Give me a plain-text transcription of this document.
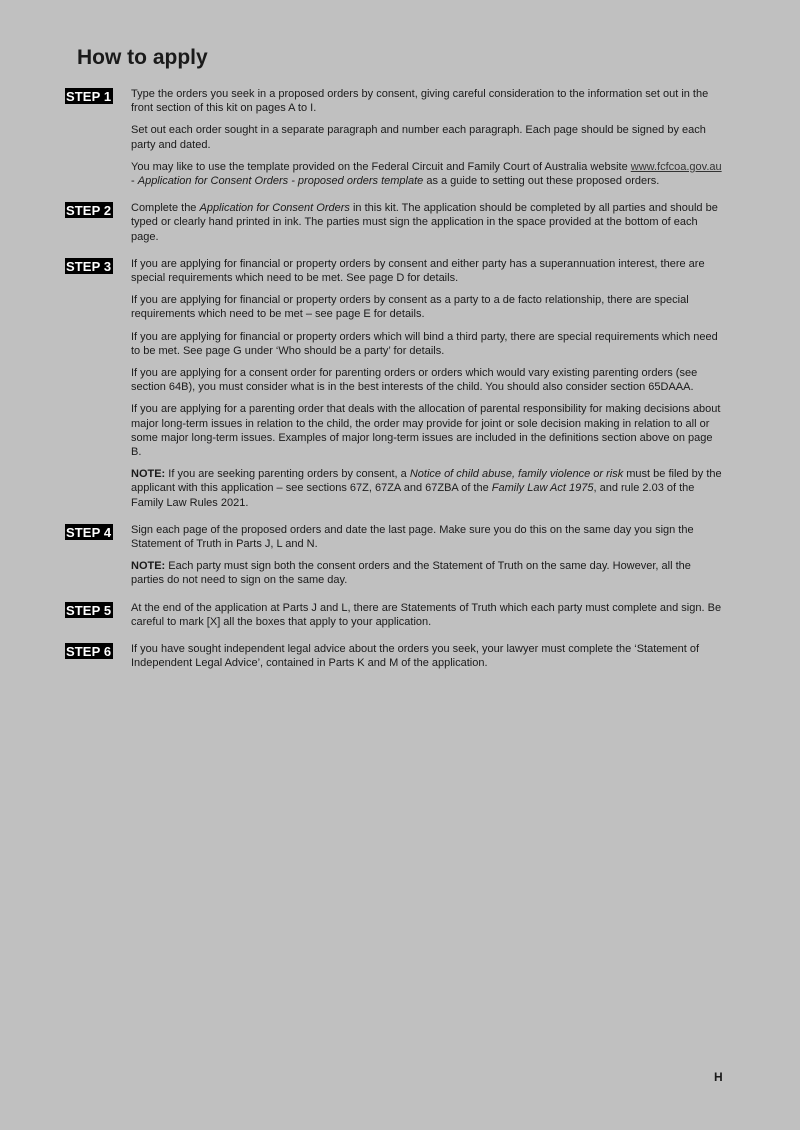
How to apply
STEP 1	Type the orders you seek in a proposed orders by consent, giving careful consideration to the information set out in the front section of this kit on pages A to I.

Set out each order sought in a separate paragraph and number each paragraph. Each page should be signed by each party and dated.

You may like to use the template provided on the Federal Circuit and Family Court of Australia website www.fcfcoa.gov.au - Application for Consent Orders - proposed orders template as a guide to setting out these proposed orders.

STEP 2	Complete the Application for Consent Orders in this kit. The application should be completed by all parties and should be typed or clearly hand printed in ink. The parties must sign the application in the space provided at the bottom of each page.

STEP 3	If you are applying for financial or property orders by consent and either party has a superannuation interest, there are special requirements which need to be met. See page D for details.

If you are applying for financial or property orders by consent as a party to a de facto relationship, there are special requirements which need to be met – see page E for details.

If you are applying for financial or property orders which will bind a third party, there are special requirements which need to be met. See page G under ‘Who should be a party’ for details.

If you are applying for a consent order for parenting orders or orders which would vary existing parenting orders (see section 64B), you must consider what is in the best interests of the child. You should also consider section 65DAAA.

If you are applying for a parenting order that deals with the allocation of parental responsibility for making decisions about major long-term issues in relation to the child, the order may provide for joint or sole decision making in relation to all or some major long-term issues. Examples of major long-term issues are included in the definitions section above on page B.

NOTE: If you are seeking parenting orders by consent, a Notice of child abuse, family violence or risk must be filed by the applicant with this application – see sections 67Z, 67ZA and 67ZBA of the Family Law Act 1975, and rule 2.03 of the Family Law Rules 2021.

STEP 4	Sign each page of the proposed orders and date the last page. Make sure you do this on the same day you sign the Statement of Truth in Parts J, L and N.

NOTE: Each party must sign both the consent orders and the Statement of Truth on the same day. However, all the parties do not need to sign on the same day.

STEP 5	At the end of the application at Parts J and L, there are Statements of Truth which each party must complete and sign. Be careful to mark [X] all the boxes that apply to your application.

STEP 6	If you have sought independent legal advice about the orders you seek, your lawyer must complete the ‘Statement of Independent Legal Advice’, contained in Parts K and M of the application.

H
